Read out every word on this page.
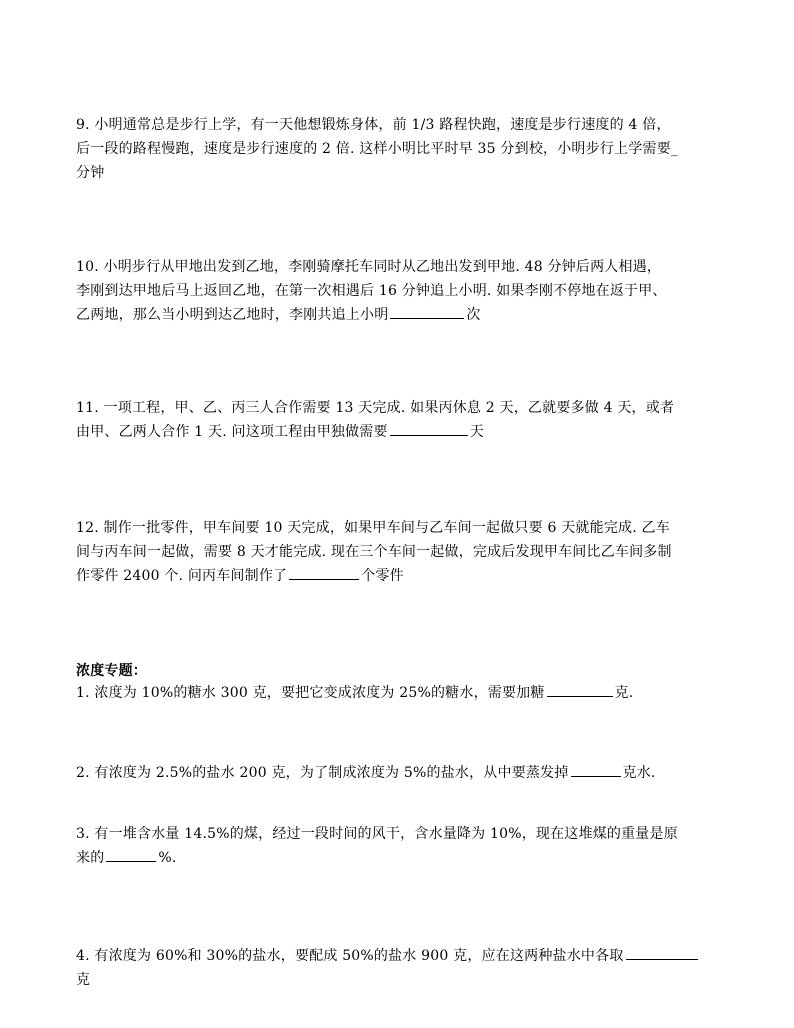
9. 小明通常总是步行上学，有一天他想锻炼身体，前 1/3 路程快跑，速度是步行速度的 4 倍，
后一段的路程慢跑，速度是步行速度的 2 倍. 这样小明比平时早 35 分到校，小明步行上学需要_
分钟
10. 小明步行从甲地出发到乙地，李刚骑摩托车同时从乙地出发到甲地. 48 分钟后两人相遇，
李刚到达甲地后马上返回乙地，在第一次相遇后 16 分钟追上小明. 如果李刚不停地在返于甲、
乙两地，那么当小明到达乙地时，李刚共追上小明	次
11. 一项工程，甲、乙、丙三人合作需要 13 天完成. 如果丙休息 2 天，乙就要多做 4 天，或者
由甲、乙两人合作 1 天. 问这项工程由甲独做需要	天
12. 制作一批零件，甲车间要 10 天完成，如果甲车间与乙车间一起做只要 6 天就能完成. 乙车
间与丙车间一起做，需要 8 天才能完成. 现在三个车间一起做，完成后发现甲车间比乙车间多制
作零件 2400 个. 问丙车间制作了	个零件
浓度专题：
1. 浓度为 10%的糖水 300 克，要把它变成浓度为 25%的糖水，需要加糖	克.
2. 有浓度为 2.5%的盐水 200 克，为了制成浓度为 5%的盐水，从中要蒸发掉	克水.
3. 有一堆含水量 14.5%的煤，经过一段时间的风干，含水量降为 10%，现在这堆煤的重量是原
来的	%.
4. 有浓度为 60%和 30%的盐水，要配成 50%的盐水 900 克，应在这两种盐水中各取
克
